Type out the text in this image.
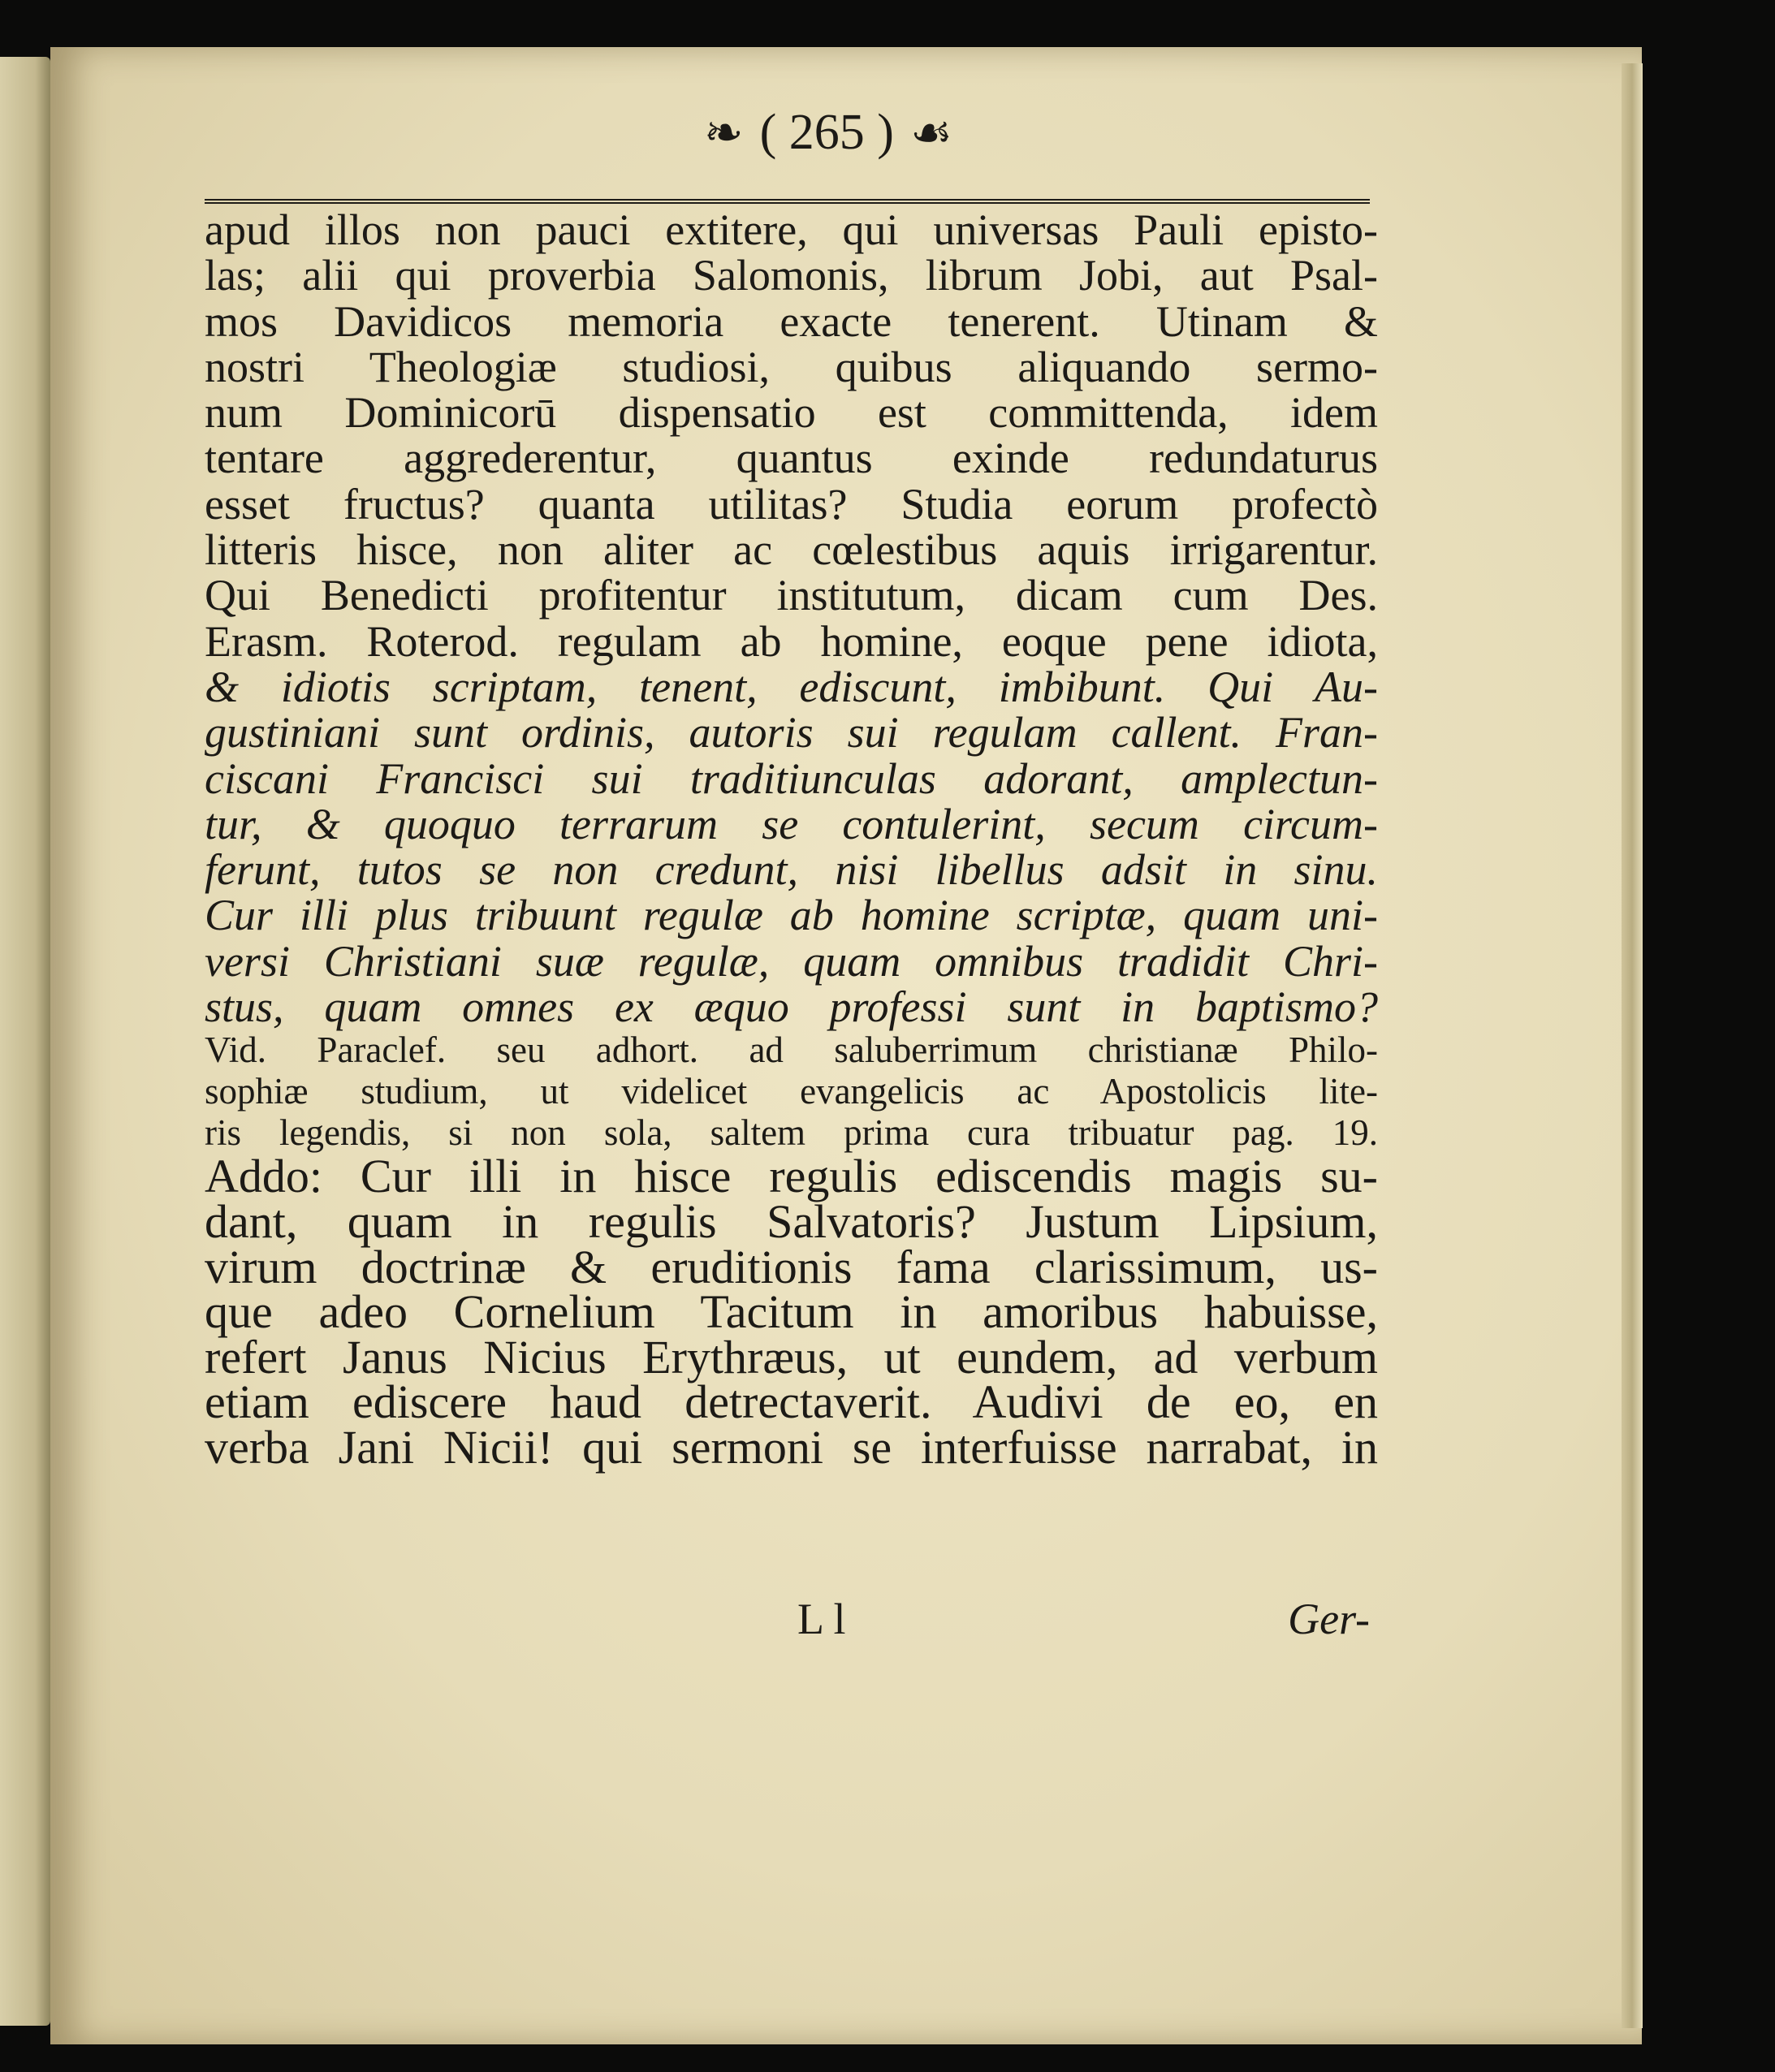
❧ ( 265 ) ☙
apud illos non pauci extitere, qui universas Pauli episto-
las; alii qui proverbia Salomonis, librum Jobi, aut Psal-
mos Davidicos memoria exacte tenerent. Utinam &
nostri Theologiæ studiosi, quibus aliquando sermo-
num Dominicorū dispensatio est committenda, idem
tentare aggrederentur, quantus exinde redundaturus
esset fructus? quanta utilitas? Studia eorum profectò
litteris hisce, non aliter ac cœlestibus aquis irrigarentur.
Qui Benedicti profitentur institutum, dicam cum Des.
Erasm. Roterod. regulam ab homine, eoque pene idiota,
& idiotis scriptam, tenent, ediscunt, imbibunt. Qui Au-
gustiniani sunt ordinis, autoris sui regulam callent. Fran-
ciscani Francisci sui traditiunculas adorant, amplectun-
tur, & quoquo terrarum se contulerint, secum circum-
ferunt, tutos se non credunt, nisi libellus adsit in sinu.
Cur illi plus tribuunt regulæ ab homine scriptæ, quam uni-
versi Christiani suæ regulæ, quam omnibus tradidit Chri-
stus, quam omnes ex æquo professi sunt in baptismo?
Vid. Paraclef. seu adhort. ad saluberrimum christianæ Philo-
sophiæ studium, ut videlicet evangelicis ac Apostolicis lite-
ris legendis, si non sola, saltem prima cura tribuatur pag. 19.
Addo: Cur illi in hisce regulis ediscendis magis su-
dant, quam in regulis Salvatoris? Justum Lipsium,
virum doctrinæ & eruditionis fama clarissimum, us-
que adeo Cornelium Tacitum in amoribus habuisse,
refert Janus Nicius Erythræus, ut eundem, ad verbum
etiam ediscere haud detrectaverit. Audivi de eo, en
verba Jani Nicii! qui sermoni se interfuisse narrabat, in
L l	Ger-
